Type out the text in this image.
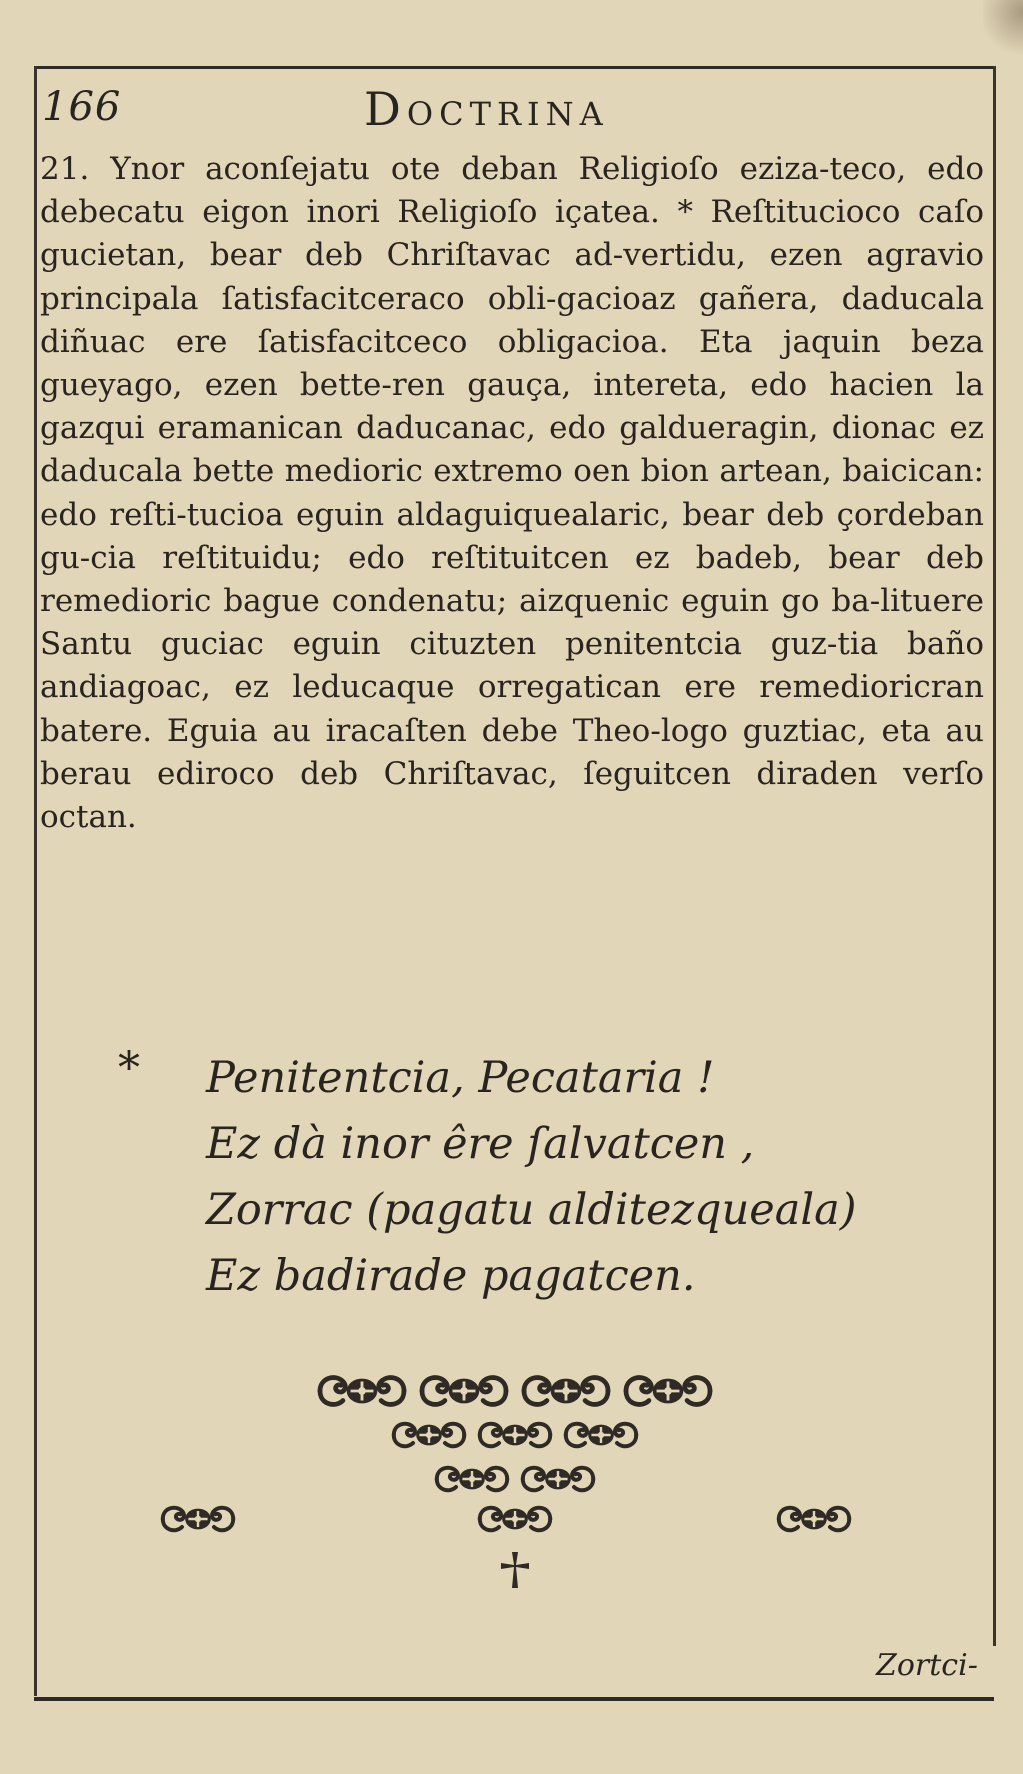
166	Doctrina

21. Ynor aconſejatu ote deban Religioſo eziza-teco, edo debecatu eigon inori Religioſo içatea. * Reſtitucioco caſo gucietan, bear deb Chriſtavac ad-vertidu, ezen agravio principala ſatisfacitceraco obli-gacioaz gañera, daducala diñuac ere ſatisfacitceco obligacioa. Eta jaquin beza gueyago, ezen bette-ren gauça, intereta, edo hacien la gazqui eramanican daducanac, edo galdueragin, dionac ez daducala bette medioric extremo oen bion artean, baicican: edo reſti-tucioa eguin aldaguiquealaric, bear deb çordeban gu-cia reſtituidu; edo reſtituitcen ez badeb, bear deb remedioric bague condenatu; aizquenic eguin go ba-lituere Santu guciac eguin cituzten penitentcia guz-tia baño andiagoac, ez leducaque orregatican ere remedioricran batere. Eguia au iracaſten debe Theo-logo guztiac, eta au berau ediroco deb Chriſtavac, ſeguitcen diraden verſo octan.

* Penitentcia, Pecataria !
Ez dà inor êre ſalvatcen ,
Zorrac (pagatu alditezqueala)
Ez badirade pagatcen.
Zortci-
